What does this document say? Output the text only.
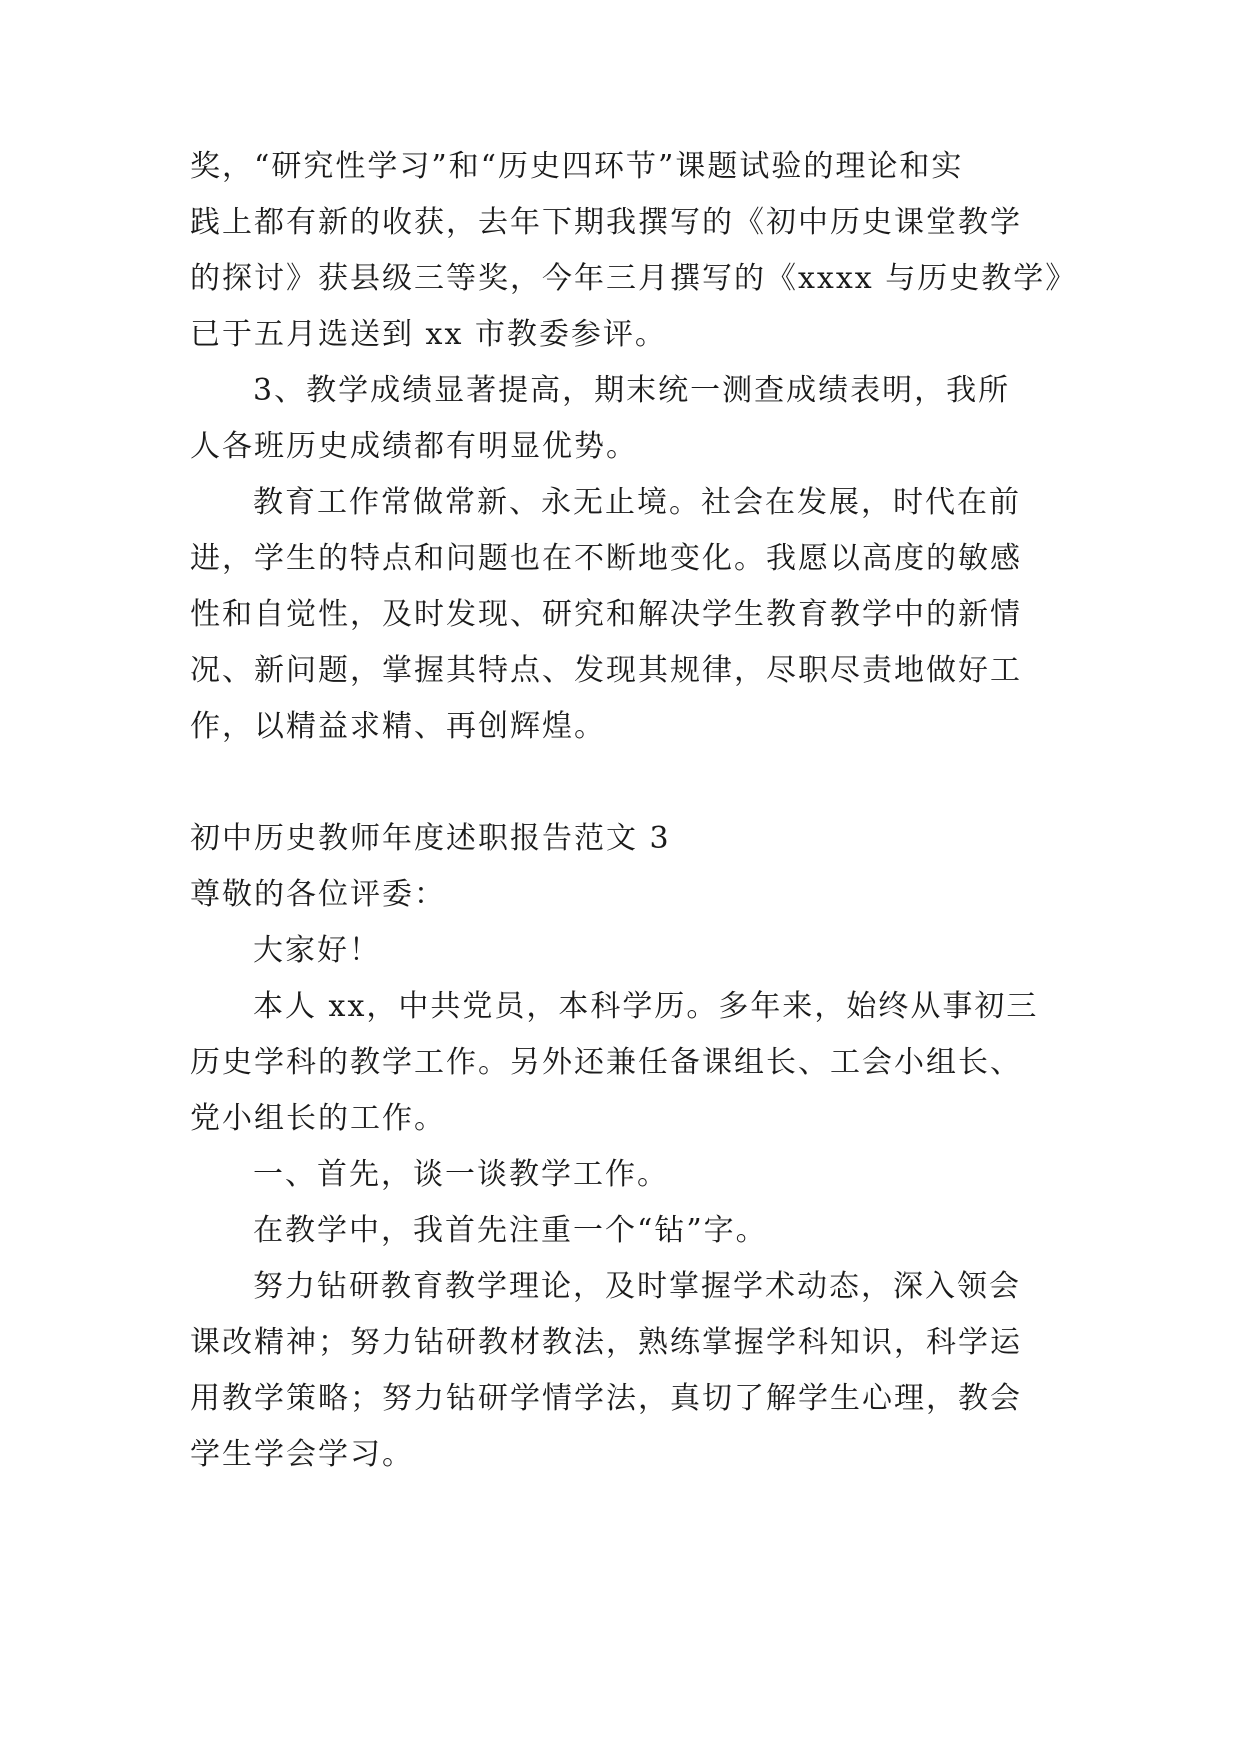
奖，“研究性学习”和“历史四环节”课题试验的理论和实
践上都有新的收获，去年下期我撰写的《初中历史课堂教学
的探讨》获县级三等奖，今年三月撰写的《xxxx 与历史教学》
已于五月选送到 xx 市教委参评。
3、教学成绩显著提高，期末统一测查成绩表明，我所
人各班历史成绩都有明显优势。
教育工作常做常新、永无止境。社会在发展，时代在前
进，学生的特点和问题也在不断地变化。我愿以高度的敏感
性和自觉性，及时发现、研究和解决学生教育教学中的新情
况、新问题，掌握其特点、发现其规律，尽职尽责地做好工
作，以精益求精、再创辉煌。
初中历史教师年度述职报告范文 3
尊敬的各位评委：
大家好！
本人 xx，中共党员，本科学历。多年来，始终从事初三
历史学科的教学工作。另外还兼任备课组长、工会小组长、
党小组长的工作。
一、首先，谈一谈教学工作。
在教学中，我首先注重一个“钻”字。
努力钻研教育教学理论，及时掌握学术动态，深入领会
课改精神；努力钻研教材教法，熟练掌握学科知识，科学运
用教学策略；努力钻研学情学法，真切了解学生心理，教会
学生学会学习。
